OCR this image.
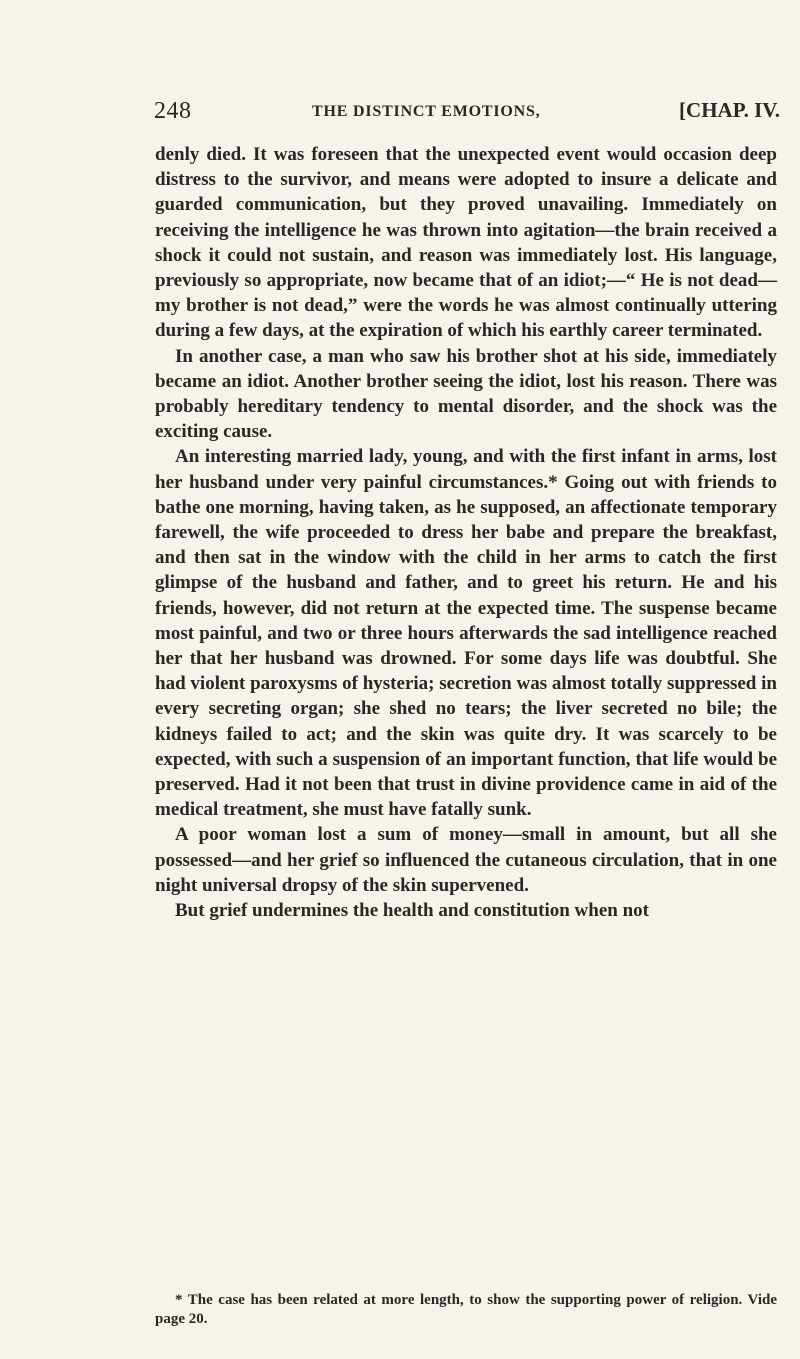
248	THE DISTINCT EMOTIONS,	[CHAP. IV.

denly died. It was foreseen that the unexpected event would occasion deep distress to the survivor, and means were adopted to insure a delicate and guarded communication, but they proved unavailing. Immediately on receiving the intelligence he was thrown into agitation—the brain received a shock it could not sustain, and reason was immediately lost. His language, previously so appropriate, now became that of an idiot;—“ He is not dead—my brother is not dead,” were the words he was almost continually uttering during a few days, at the expiration of which his earthly career terminated.

In another case, a man who saw his brother shot at his side, immediately became an idiot. Another brother seeing the idiot, lost his reason. There was probably hereditary tendency to mental disorder, and the shock was the exciting cause.

An interesting married lady, young, and with the first infant in arms, lost her husband under very painful circumstances.* Going out with friends to bathe one morning, having taken, as he supposed, an affectionate temporary farewell, the wife proceeded to dress her babe and prepare the breakfast, and then sat in the window with the child in her arms to catch the first glimpse of the husband and father, and to greet his return. He and his friends, however, did not return at the expected time. The suspense became most painful, and two or three hours afterwards the sad intelligence reached her that her husband was drowned. For some days life was doubtful. She had violent paroxysms of hysteria; secretion was almost totally suppressed in every secreting organ; she shed no tears; the liver secreted no bile; the kidneys failed to act; and the skin was quite dry. It was scarcely to be expected, with such a suspension of an important function, that life would be preserved. Had it not been that trust in divine providence came in aid of the medical treatment, she must have fatally sunk.

A poor woman lost a sum of money—small in amount, but all she possessed—and her grief so influenced the cutaneous circulation, that in one night universal dropsy of the skin supervened.

But grief undermines the health and constitution when not

* The case has been related at more length, to show the supporting power of religion. Vide page 20.
